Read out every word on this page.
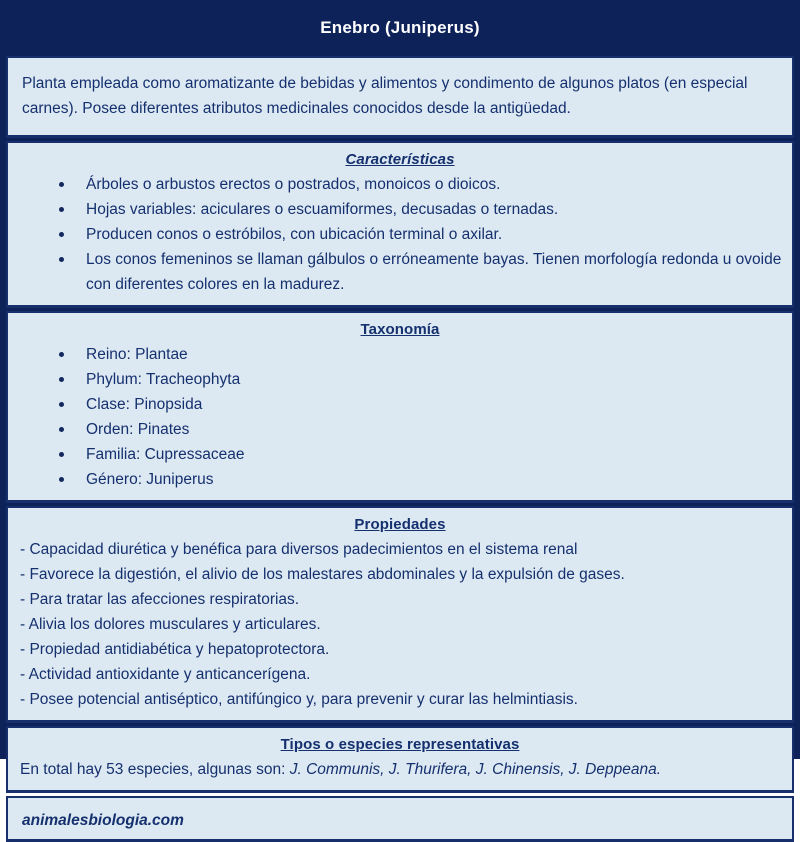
Enebro (Juniperus)
Planta empleada como aromatizante de bebidas y alimentos y condimento de algunos platos (en especial carnes). Posee diferentes atributos medicinales conocidos desde la antigüedad.
Características
Árboles o arbustos erectos o postrados, monoicos o dioicos.
Hojas variables: aciculares o escuamiformes, decusadas o ternadas.
Producen conos o estróbilos, con ubicación terminal o axilar.
Los conos femeninos se llaman gálbulos o erróneamente bayas. Tienen morfología redonda u ovoide con diferentes colores en la madurez.
Taxonomía
Reino: Plantae
Phylum: Tracheophyta
Clase: Pinopsida
Orden: Pinates
Familia: Cupressaceae
Género: Juniperus
Propiedades
- Capacidad diurética y benéfica para diversos padecimientos en el sistema renal
- Favorece la digestión, el alivio de los malestares abdominales y la expulsión de gases.
- Para tratar las afecciones respiratorias.
- Alivia los dolores musculares y articulares.
- Propiedad antidiabética y hepatoprotectora.
- Actividad antioxidante y anticancerígena.
- Posee potencial antiséptico, antifúngico y, para prevenir y curar las helmintiasis.
Tipos o especies representativas
En total hay 53 especies, algunas son: J. Communis, J. Thurifera, J. Chinensis, J. Deppeana.
animalesbiologia.com
